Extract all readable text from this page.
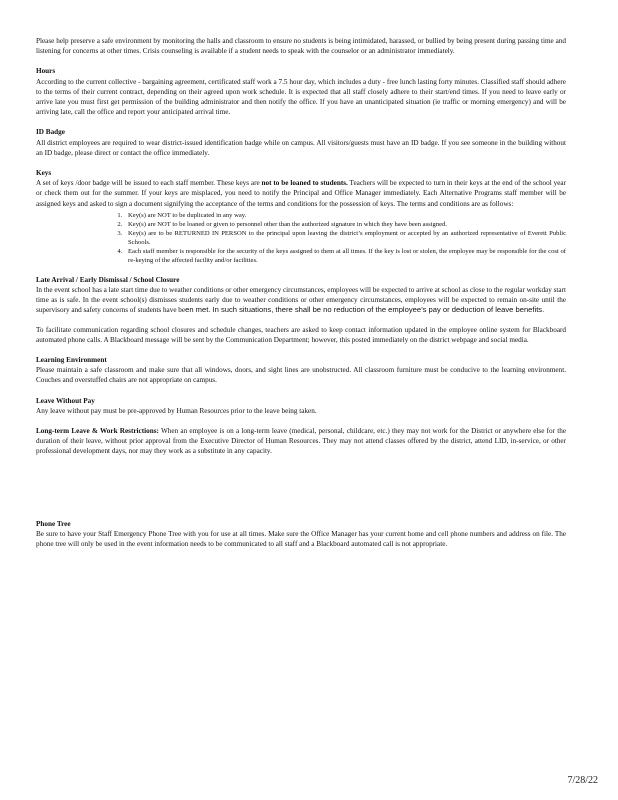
Please help preserve a safe environment by monitoring the halls and classroom to ensure no students is being intimidated, harassed, or bullied by being present during passing time and listening for concerns at other times. Crisis counseling is available if a student needs to speak with the counselor or an administrator immediately.

Hours

According to the current collective - bargaining agreement, certificated staff work a 7.5 hour day, which includes a duty - free lunch lasting forty minutes. Classified staff should adhere to the terms of their current contract, depending on their agreed upon work schedule. It is expected that all staff closely adhere to their start/end times. If you need to leave early or arrive late you must first get permission of the building administrator and then notify the office. If you have an unanticipated situation (ie traffic or morning emergency) and will be arriving late, call the office and report your anticipated arrival time.

ID Badge

All district employees are required to wear district-issued identification badge while on campus. All visitors/guests must have an ID badge. If you see someone in the building without an ID badge, please direct or contact the office immediately.

Keys

A set of keys /door badge will be issued to each staff member. These keys are not to be loaned to students. Teachers will be expected to turn in their keys at the end of the school year or check them out for the summer. If your keys are misplaced, you need to notify the Principal and Office Manager immediately. Each Alternative Programs staff member will be assigned keys and asked to sign a document signifying the acceptance of the terms and conditions for the possession of keys. The terms and conditions are as follows:

1. Key(s) are NOT to be duplicated in any way.
2. Key(s) are NOT to be loaned or given to personnel other than the authorized signature in which they have been assigned.
3. Key(s) are to be RETURNED IN PERSON to the principal upon leaving the district’s employment or accepted by an authorized representative of Everett Public Schools.
4. Each staff member is responsible for the security of the keys assigned to them at all times. If the key is lost or stolen, the employee may be responsible for the cost of re-keying of the affected facility and/or facilities.

Late Arrival / Early Dismissal / School Closure

In the event school has a late start time due to weather conditions or other emergency circumstances, employees will be expected to arrive at school as close to the regular workday start time as is safe. In the event school(s) dismisses students early due to weather conditions or other emergency circumstances, employees will be expected to remain on-site until the supervisory and safety concerns of students have been met. In such situations, there shall be no reduction of the employee’s pay or deduction of leave benefits.

To facilitate communication regarding school closures and schedule changes, teachers are asked to keep contact information updated in the employee online system for Blackboard automated phone calls. A Blackboard message will be sent by the Communication Department; however, this posted immediately on the district webpage and social media.

Learning Environment

Please maintain a safe classroom and make sure that all windows, doors, and sight lines are unobstructed. All classroom furniture must be conducive to the learning environment. Couches and overstuffed chairs are not appropriate on campus.

Leave Without Pay

Any leave without pay must be pre-approved by Human Resources prior to the leave being taken.

Long-term Leave & Work Restrictions: When an employee is on a long-term leave (medical, personal, childcare, etc.) they may not work for the District or anywhere else for the duration of their leave, without prior approval from the Executive Director of Human Resources. They may not attend classes offered by the district, attend LID, in-service, or other professional development days, nor may they work as a substitute in any capacity.

Phone Tree

Be sure to have your Staff Emergency Phone Tree with you for use at all times. Make sure the Office Manager has your current home and cell phone numbers and address on file. The phone tree will only be used in the event information needs to be communicated to all staff and a Blackboard automated call is not appropriate.

7/28/22
